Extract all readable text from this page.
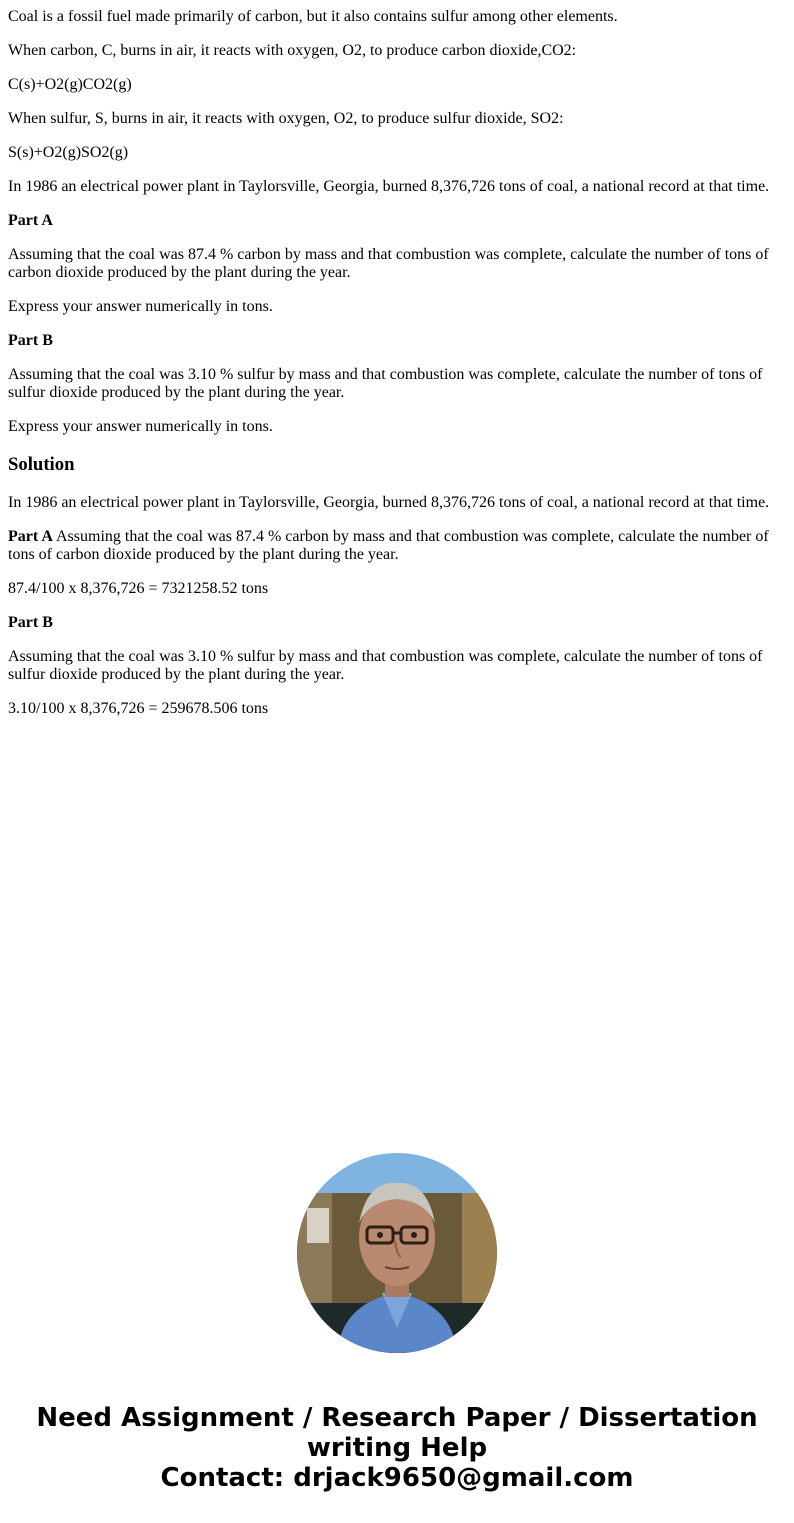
Coal is a fossil fuel made primarily of carbon, but it also contains sulfur among other elements.

When carbon, C, burns in air, it reacts with oxygen, O2, to produce carbon dioxide,CO2:

C(s)+O2(g)CO2(g)

When sulfur, S, burns in air, it reacts with oxygen, O2, to produce sulfur dioxide, SO2:

S(s)+O2(g)SO2(g)

In 1986 an electrical power plant in Taylorsville, Georgia, burned 8,376,726 tons of coal, a national record at that time.

Part A

Assuming that the coal was 87.4 % carbon by mass and that combustion was complete, calculate the number of tons of carbon dioxide produced by the plant during the year.

Express your answer numerically in tons.

Part B

Assuming that the coal was 3.10 % sulfur by mass and that combustion was complete, calculate the number of tons of sulfur dioxide produced by the plant during the year.

Express your answer numerically in tons.

Solution

In 1986 an electrical power plant in Taylorsville, Georgia, burned 8,376,726 tons of coal, a national record at that time.

Part A Assuming that the coal was 87.4 % carbon by mass and that combustion was complete, calculate the number of tons of carbon dioxide produced by the plant during the year.

87.4/100 x 8,376,726 = 7321258.52 tons

Part B

Assuming that the coal was 3.10 % sulfur by mass and that combustion was complete, calculate the number of tons of sulfur dioxide produced by the plant during the year.

3.10/100 x 8,376,726 = 259678.506 tons

Need Assignment / Research Paper / Dissertation
writing Help
Contact: drjack9650@gmail.com
